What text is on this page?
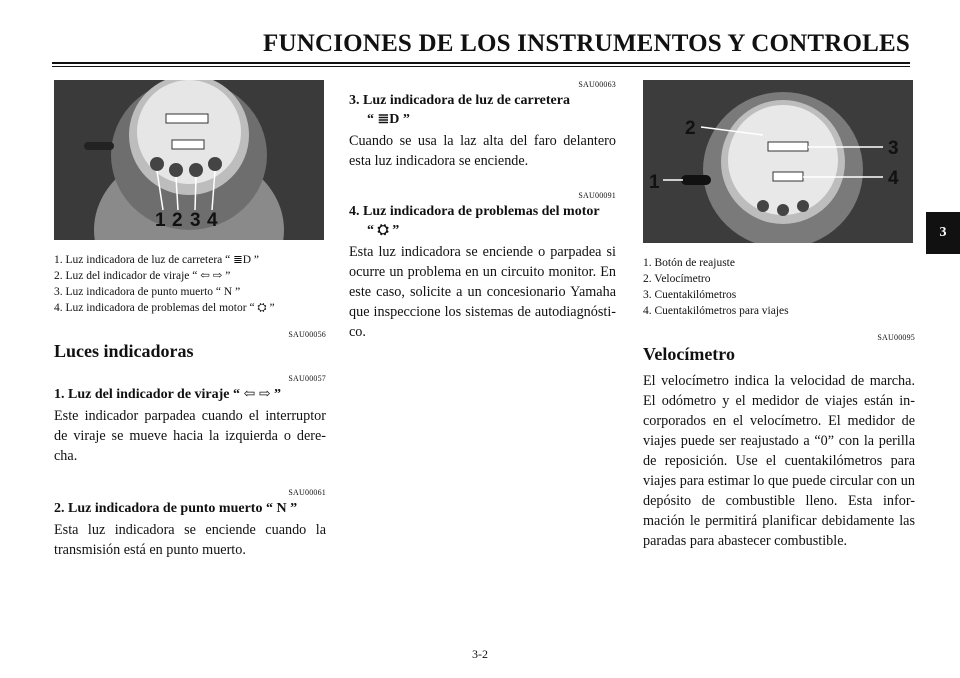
FUNCIONES DE LOS INSTRUMENTOS Y CONTROLES
3
1 2 3 4
1. Luz indicadora de luz de carretera “ ≣D ”
2. Luz del indicador de viraje “ ⇦ ⇨ ”
3. Luz indicadora de punto muerto “ N ”
4. Luz indicadora de problemas del motor “ ⛭ ”
SAU00056
Luces indicadoras
SAU00057
1. Luz del indicador de viraje “ ⇦ ⇨ ”

Este indicador parpadea cuando el interruptor de viraje se mueve hacia la izquierda o dere- cha.

SAU00061
2. Luz indicadora de punto muerto “ N ”

Esta luz indicadora se enciende cuando la transmisión está en punto muerto.

SAU00063
3. Luz indicadora de luz de carretera
“ ≣D ”

Cuando se usa la laz alta del faro delantero esta luz indicadora se enciende.

SAU00091
4. Luz indicadora de problemas del motor
“ ⛭ ”

Esta luz indicadora se enciende o parpadea si ocurre un problema en un circuito monitor. En este caso, solicite a un concesionario Yamaha que inspeccione los sistemas de autodiagnósti- co.

1
2
3
4
1. Botón de reajuste
2. Velocímetro
3. Cuentakilómetros
4. Cuentakilómetros para viajes
SAU00095
Velocímetro

El velocímetro indica la velocidad de marcha. El odómetro y el medidor de viajes están in- corporados en el velocímetro. El medidor de viajes puede ser reajustado a “0” con la perilla de reposición. Use el cuentakilómetros para viajes para estimar lo que puede circular con un depósito de combustible lleno. Esta infor- mación le permitirá planificar debidamente las paradas para abastecer combustible.

3-2
